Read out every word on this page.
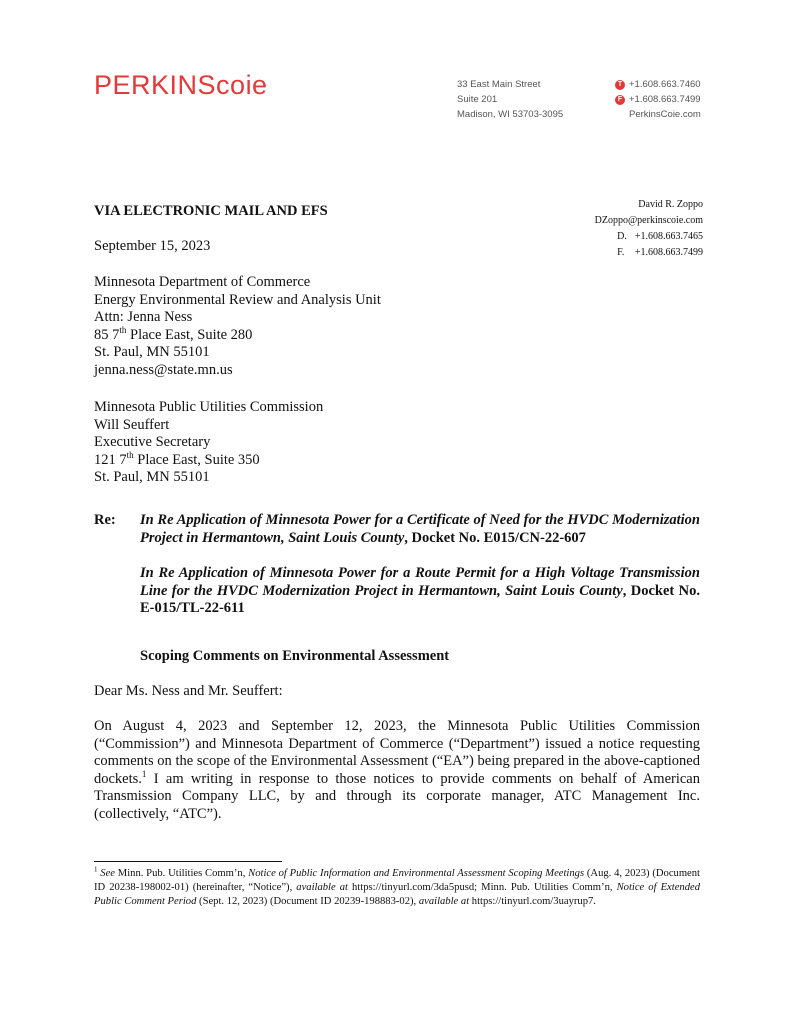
PERKINScoie	33 East Main Street
Suite 201
Madison, WI 53703-3095
T +1.608.663.7460
F +1.608.663.7499
PerkinsCoie.com
VIA ELECTRONIC MAIL AND EFS
September 15, 2023
David R. Zoppo
DZoppo@perkinscoie.com
D.	+1.608.663.7465
F.	+1.608.663.7499
Minnesota Department of Commerce
Energy Environmental Review and Analysis Unit
Attn: Jenna Ness
85 7th Place East, Suite 280
St. Paul, MN 55101
jenna.ness@state.mn.us
Minnesota Public Utilities Commission
Will Seuffert
Executive Secretary
121 7th Place East, Suite 350
St. Paul, MN 55101
Re: In Re Application of Minnesota Power for a Certificate of Need for the HVDC Modernization Project in Hermantown, Saint Louis County, Docket No. E015/CN-22-607

In Re Application of Minnesota Power for a Route Permit for a High Voltage Transmission Line for the HVDC Modernization Project in Hermantown, Saint Louis County, Docket No. E-015/TL-22-611

Scoping Comments on Environmental Assessment
Dear Ms. Ness and Mr. Seuffert:
On August 4, 2023 and September 12, 2023, the Minnesota Public Utilities Commission (“Commission”) and Minnesota Department of Commerce (“Department”) issued a notice requesting comments on the scope of the Environmental Assessment (“EA”) being prepared in the above-captioned dockets.$^1$ I am writing in response to those notices to provide comments on behalf of American Transmission Company LLC, by and through its corporate manager, ATC Management Inc. (collectively, “ATC”).
$^1$ See Minn. Pub. Utilities Comm’n, Notice of Public Information and Environmental Assessment Scoping Meetings (Aug. 4, 2023) (Document ID 20238-198002-01) (hereinafter, “Notice”), available at https://tinyurl.com/3da5pusd; Minn. Pub. Utilities Comm’n, Notice of Extended Public Comment Period (Sept. 12, 2023) (Document ID 20239-198883-02), available at https://tinyurl.com/3uayrup7.
